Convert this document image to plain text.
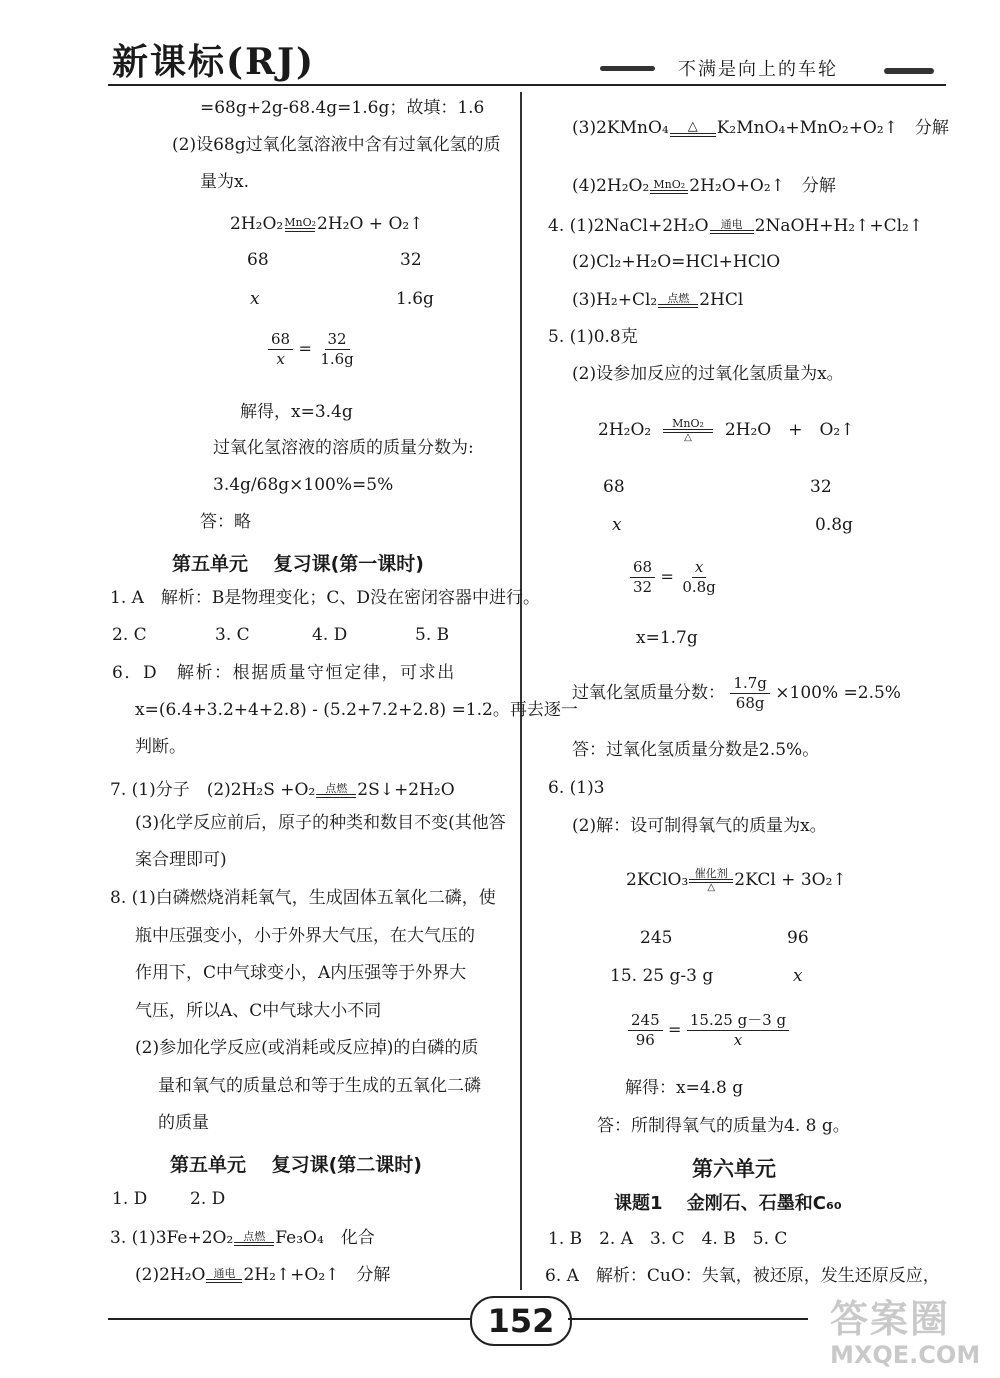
新课标(RJ)	不满是向上的车轮
=68g+2g-68.4g=1.6g；故填：1.6
(2)设68g过氧化氢溶液中含有过氧化氢的质
量为x.
2H₂O₂ MnO₂ 2H₂O + O₂↑
68	32
x	1.6g
$\frac{68}{x} = \frac{32}{1.6g}$
解得，x=3.4g
过氧化氢溶液的溶质的质量分数为:
3.4g/68g×100%=5%
答：略
第五单元　 复习课(第一课时)
1. A　解析：B是物理变化；C、D没在密闭容器中进行。
2. C	3. C	4. D	5. B
6．D　解析：根据质量守恒定律，可求出
x=(6.4+3.2+4+2.8) - (5.2+7.2+2.8) =1.2。再去逐一
判断。
7. (1)分子　(2)2H₂S +O₂ 点燃 2S↓+2H₂O
(3)化学反应前后，原子的种类和数目不变(其他答
案合理即可)
8. (1)白磷燃烧消耗氧气，生成固体五氧化二磷，使
瓶中压强变小，小于外界大气压，在大气压的
作用下，C中气球变小，A内压强等于外界大
气压，所以A、C中气球大小不同
(2)参加化学反应(或消耗或反应掉)的白磷的质
量和氧气的质量总和等于生成的五氧化二磷
的质量
第五单元　 复习课(第二课时)
1. D	2. D
3. (1)3Fe+2O₂ 点燃 Fe₃O₄　化合
(2)2H₂O 通电 2H₂↑+O₂↑　分解
(3)2KMnO₄ △ K₂MnO₄+MnO₂+O₂↑　分解
(4)2H₂O₂ MnO₂ 2H₂O+O₂↑　分解
4. (1)2NaCl+2H₂O 通电 2NaOH+H₂↑+Cl₂↑
(2)Cl₂+H₂O=HCl+HClO
(3)H₂+Cl₂ 点燃 2HCl
5. (1)0.8克
(2)设参加反应的过氧化氢质量为x。
2H₂O₂ MnO₂
△ 2H₂O　+　O₂↑
68	32
x	0.8g
$\frac{68}{32} = \frac{x}{0.8g}$
x=1.7g
过氧化氢质量分数： $\frac{1.7g}{68g} \times 100\% =2.5\%$
答：过氧化氢质量分数是2.5%。
6. (1)3
(2)解：设可制得氧气的质量为x。
2KClO₃ 催化剂
△ 2KCl + 3O₂↑
245	96
15. 25 g-3 g	x
$\frac{245}{96} = \frac{15.25 g-3 g}{x}$
解得：x=4.8 g
答：所制得氧气的质量为4. 8 g。
第六单元
课题1　 金刚石、石墨和C₆₀
1. B　2. A　3. C　4. B　5. C
6. A　解析：CuO：失氧，被还原，发生还原反应，
152	答案圈
MXQE.COM
